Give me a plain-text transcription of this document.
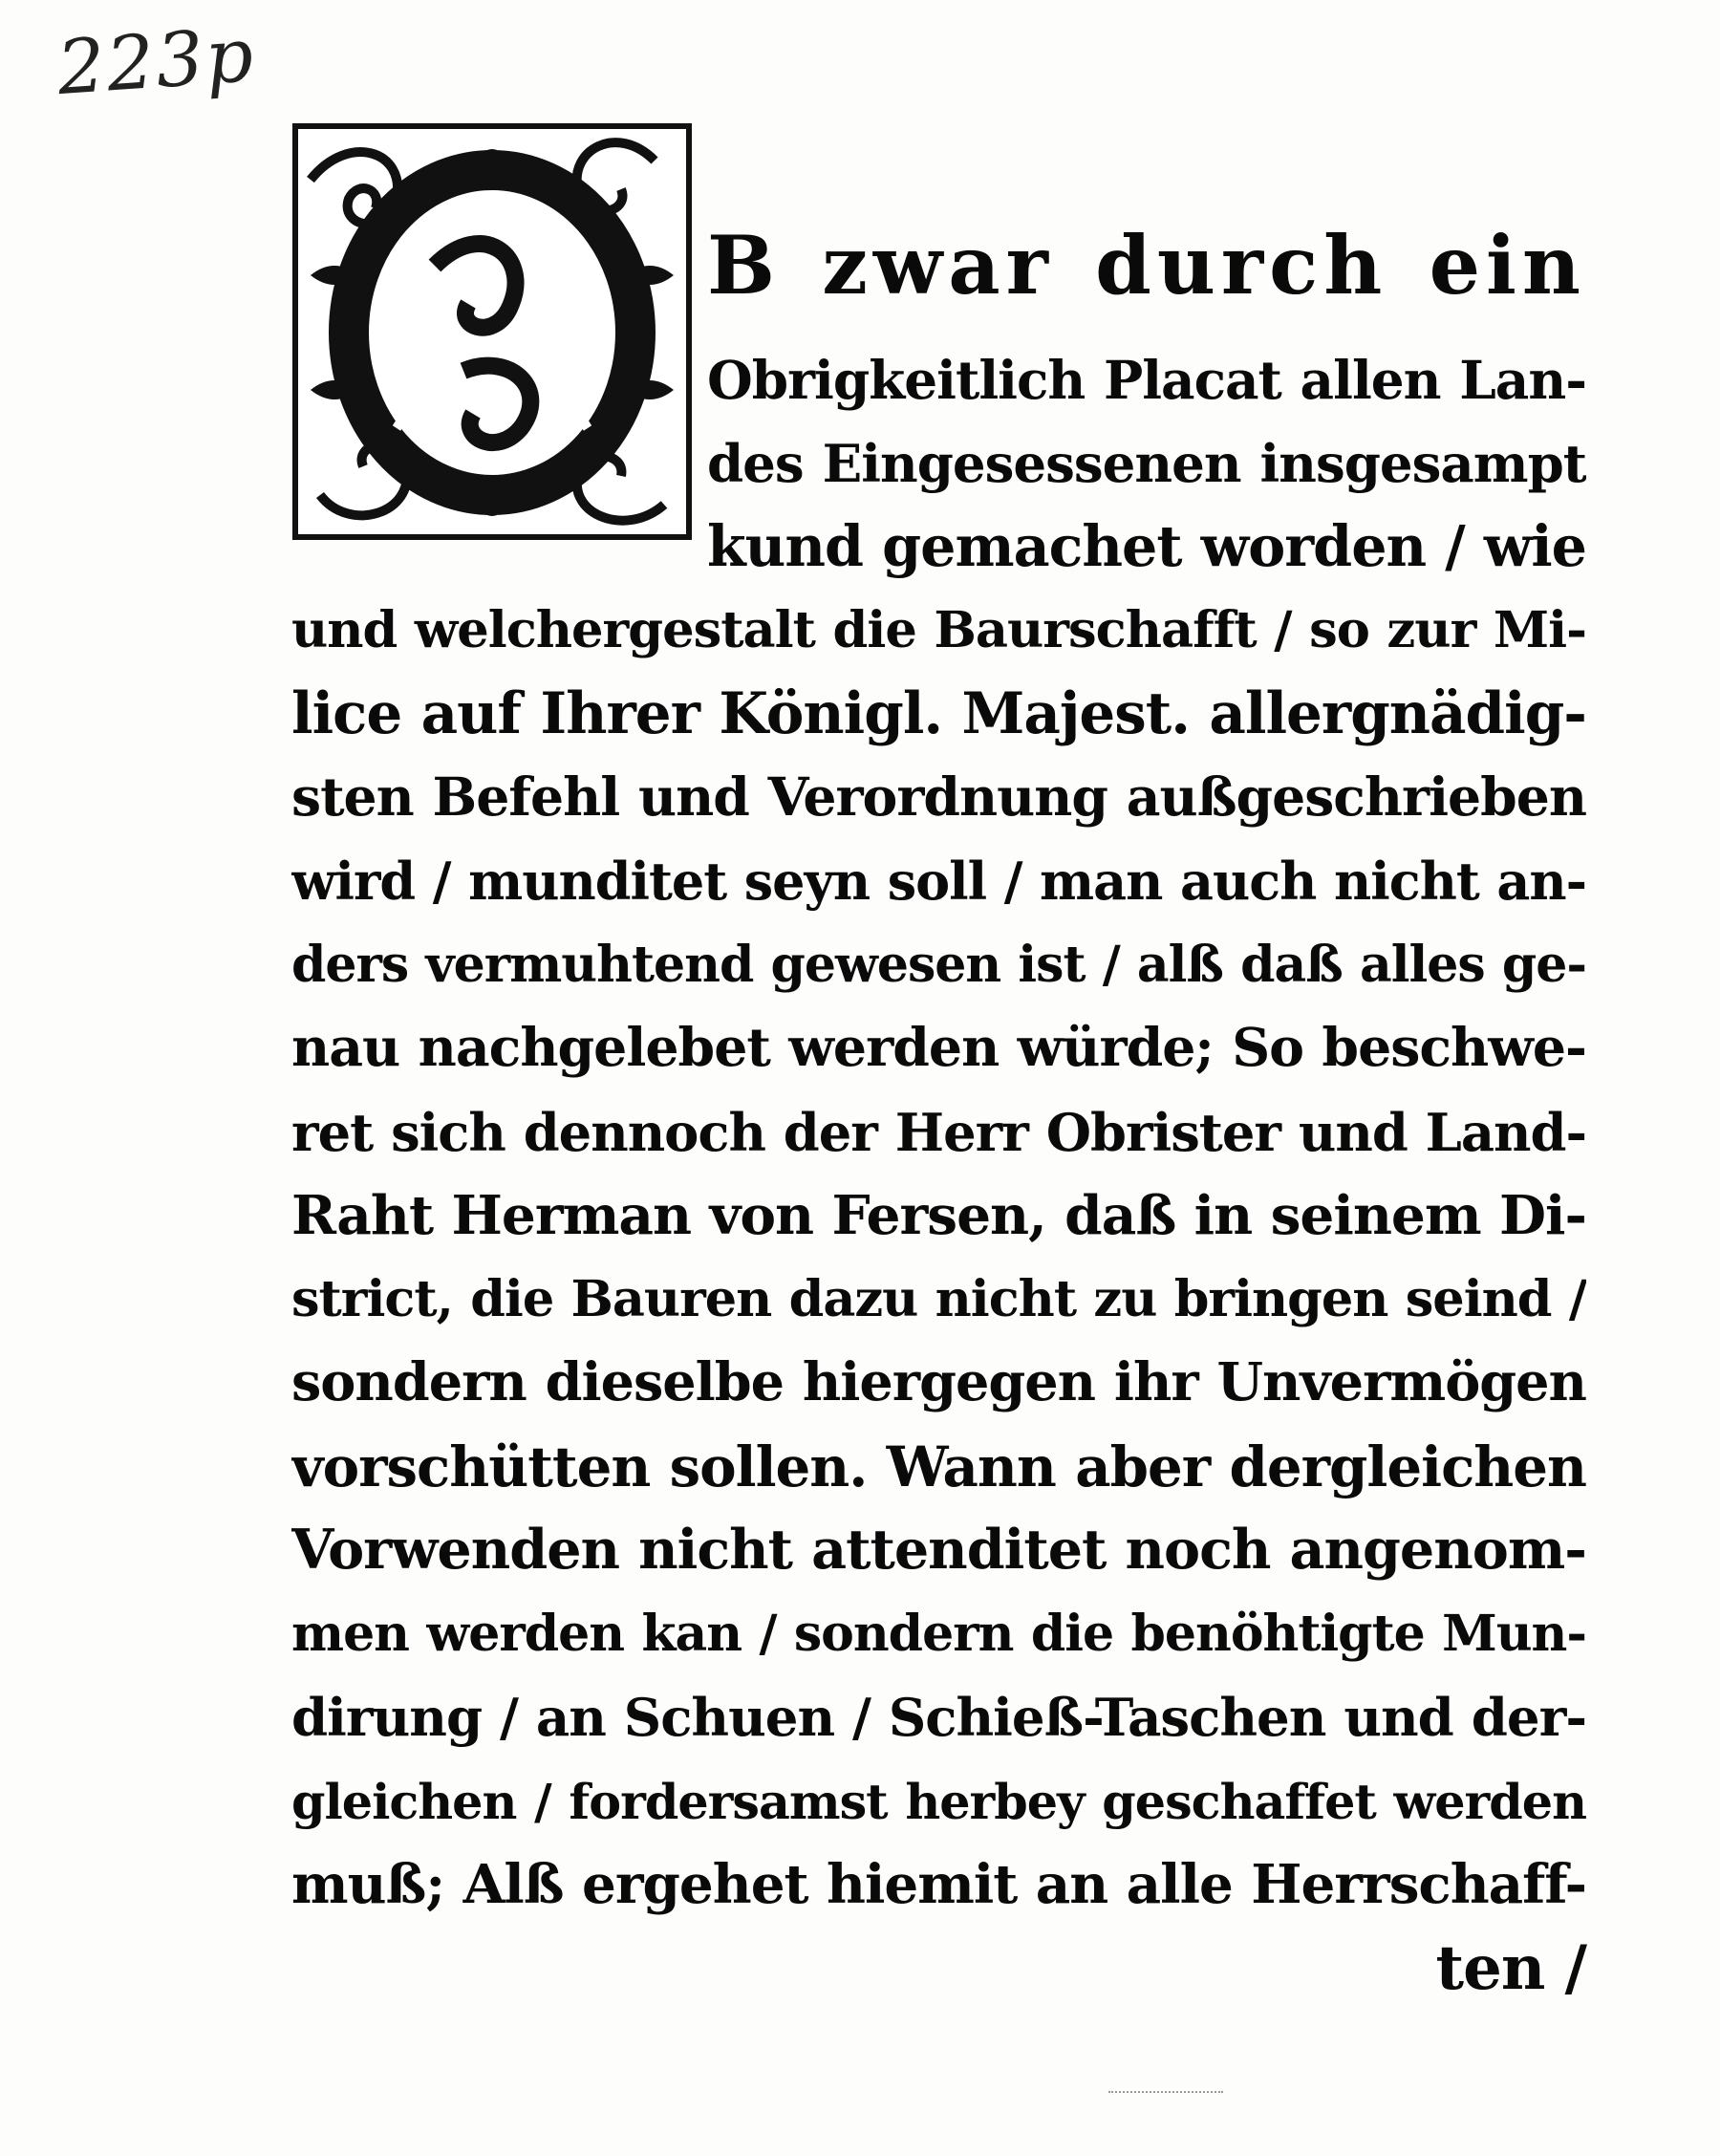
223p
B zwar durch ein
Obrigkeitlich Placat allen Lan-
des Eingesessenen insgesampt
kund gemachet worden / wie
und welchergestalt die Baurschafft / so zur Mi-
lice auf Ihrer Königl. Majest. allergnädig-
sten Befehl und Verordnung außgeschrieben
wird / munditet seyn soll / man auch nicht an-
ders vermuhtend gewesen ist / alß daß alles ge-
nau nachgelebet werden würde; So beschwe-
ret sich dennoch der Herr Obrister und Land-
Raht Herman von Fersen, daß in seinem Di-
strict, die Bauren dazu nicht zu bringen seind /
sondern dieselbe hiergegen ihr Unvermögen
vorschütten sollen. Wann aber dergleichen
Vorwenden nicht attenditet noch angenom-
men werden kan / sondern die benöhtigte Mun-
dirung / an Schuen / Schieß-Taschen und der-
gleichen / fordersamst herbey geschaffet werden
muß; Alß ergehet hiemit an alle Herrschaff-
ten /
